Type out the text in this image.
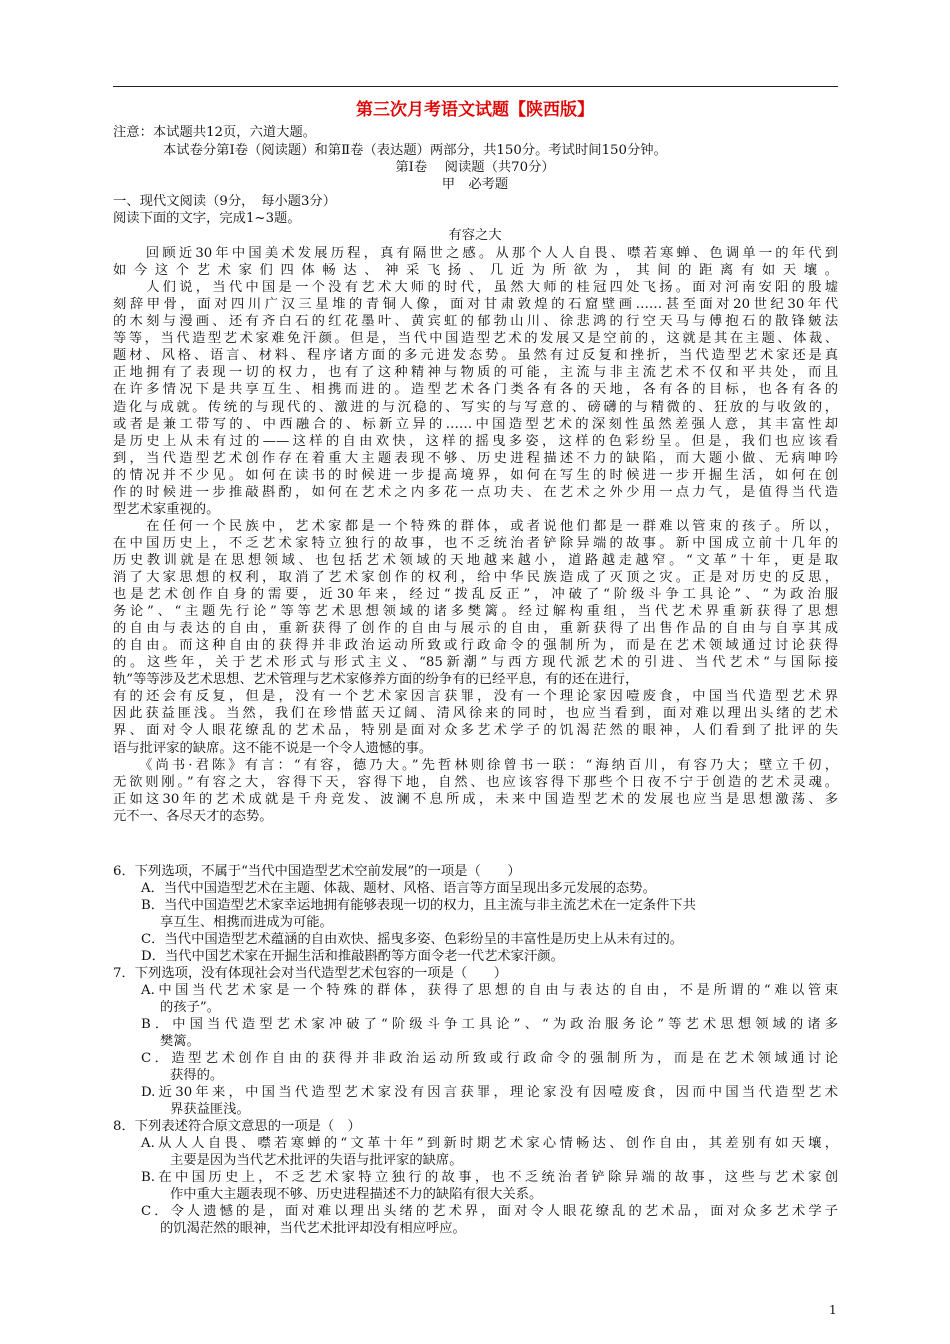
第三次月考语文试题【陕西版】
注意：本试题共12页，六道大题。
本试卷分第Ⅰ卷（阅读题）和第Ⅱ卷（表达题）两部分，共150分。考试时间150分钟。
第Ⅰ卷　 阅读题（共70分）
甲　必考题
一、现代文阅读（9分，　每小题3分）
阅读下面的文字，完成1~3题。
有容之大
　　回顾近30年中国美术发展历程，真有隔世之感。从那个人人自畏、噤若寒蝉、色调单一的年代到
如今这个艺术家们四体畅达、神采飞扬、几近为所欲为，其间的距离有如天壤。
　　人们说，当代中国是一个没有艺术大师的时代，虽然大师的桂冠四处飞扬。面对河南安阳的殷墟
刻辞甲骨，面对四川广汉三星堆的青铜人像，面对甘肃敦煌的石窟壁画……甚至面对20世纪30年代
的木刻与漫画、还有齐白石的红花墨叶、黄宾虹的郁勃山川、徐悲鸿的行空天马与傅抱石的散锋皴法
等等，当代造型艺术家难免汗颜。但是，当代中国造型艺术的发展又是空前的，这就是其在主题、体裁、
题材、风格、语言、材料、程序诸方面的多元进发态势。虽然有过反复和挫折，当代造型艺术家还是真
正地拥有了表现一切的权力，也有了这种精神与物质的可能，主流与非主流艺术不仅和平共处，而且
在许多情况下是共享互生、相携而进的。造型艺术各门类各有各的天地，各有各的目标，也各有各的
造化与成就。传统的与现代的、激进的与沉稳的、写实的与写意的、磅礴的与精微的、狂放的与收敛的，
或者是兼工带写的、中西融合的、标新立异的……中国造型艺术的深刻性虽然差强人意，其丰富性却
是历史上从未有过的——这样的自由欢快，这样的摇曳多姿，这样的色彩纷呈。但是，我们也应该看
到，当代造型艺术创作存在着重大主题表现不够、历史进程描述不力的缺陷，而大题小做、无病呻吟
的情况并不少见。如何在读书的时候进一步提高境界，如何在写生的时候进一步开掘生活，如何在创
作的时候进一步推敲斟酌，如何在艺术之内多花一点功夫、在艺术之外少用一点力气，是值得当代造
型艺术家重视的。
　　在任何一个民族中，艺术家都是一个特殊的群体，或者说他们都是一群难以管束的孩子。所以，
在中国历史上，不乏艺术家特立独行的故事，也不乏统治者铲除异端的故事。新中国成立前十几年的
历史教训就是在思想领域、也包括艺术领域的天地越来越小，道路越走越窄。“文革”十年，更是取
消了大家思想的权利，取消了艺术家创作的权利，给中华民族造成了灭顶之灾。正是对历史的反思，
也是艺术创作自身的需要，近30年来，经过“拨乱反正”，冲破了“阶级斗争工具论”、“为政治服
务论”、“主题先行论”等等艺术思想领域的诸多樊篱。经过解构重组，当代艺术界重新获得了思想
的自由与表达的自由，重新获得了创作的自由与展示的自由，重新获得了出售作品的自由与自享其成
的自由。而这种自由的获得并非政治运动所致或行政命令的强制所为，而是在艺术领域通过讨论获得
的。这些年，关于艺术形式与形式主义、“85新潮”与西方现代派艺术的引进、当代艺术“与国际接
轨”等等涉及艺术思想、艺术管理与艺术家修养方面的纷争有的已经平息，有的还在进行，
有的还会有反复，但是，没有一个艺术家因言获罪，没有一个理论家因噎废食，中国当代造型艺术界
因此获益匪浅。当然，我们在珍惜蓝天辽阔、清风徐来的同时，也应当看到，面对难以理出头绪的艺术
界、面对令人眼花缭乱的艺术品，特别是面对众多艺术学子的饥渴茫然的眼神，人们看到了批评的失
语与批评家的缺席。这不能不说是一个令人遗憾的事。
　　《尚书·君陈》有言：“有容，德乃大。”先哲林则徐曾书一联：“海纳百川，有容乃大；壁立千仞，
无欲则刚。”有容之大，容得下天，容得下地，自然、也应该容得下那些个日夜不宁于创造的艺术灵魂。
正如这30年的艺术成就是千舟竞发、波澜不息所成，未来中国造型艺术的发展也应当是思想激荡、多
元不一、各尽天才的态势。
6．下列选项，不属于“当代中国造型艺术空前发展”的一项是（　　）
A．当代中国造型艺术在主题、体裁、题材、风格、语言等方面呈现出多元发展的态势。
B．当代中国造型艺术家幸运地拥有能够表现一切的权力，且主流与非主流艺术在一定条件下共
享互生、相携而进成为可能。
C．当代中国造型艺术蕴涵的自由欢快、摇曳多姿、色彩纷呈的丰富性是历史上从未有过的。
D．当代中国艺术家在开掘生活和推敲斟酌等方面令老一代艺术家汗颜。
7．下列选项，没有体现社会对当代造型艺术包容的一项是（　　）
A.中国当代艺术家是一个特殊的群体，获得了思想的自由与表达的自由，不是所谓的“难以管束
的孩子”。
B．中国当代造型艺术家冲破了“阶级斗争工具论”、“为政治服务论”等艺术思想领域的诸多
樊篱。
C．造型艺术创作自由的获得并非政治运动所致或行政命令的强制所为，而是在艺术领域通讨论
获得的。
D.近30年来，中国当代造型艺术家没有因言获罪，理论家没有因噎废食，因而中国当代造型艺术
界获益匪浅。
8．下列表述符合原文意思的一项是（　）
A.从人人自畏、噤若寒蝉的“文革十年”到新时期艺术家心情畅达、创作自由，其差别有如天壤，
主要是因为当代艺术批评的失语与批评家的缺席。
B.在中国历史上，不乏艺术家特立独行的故事，也不乏统治者铲除异端的故事，这些与艺术家创
作中重大主题表现不够、历史进程描述不力的缺陷有很大关系。
C．令人遗憾的是，面对难以理出头绪的艺术界，面对令人眼花缭乱的艺术品，面对众多艺术学子
的饥渴茫然的眼神，当代艺术批评却没有相应呼应。
1
